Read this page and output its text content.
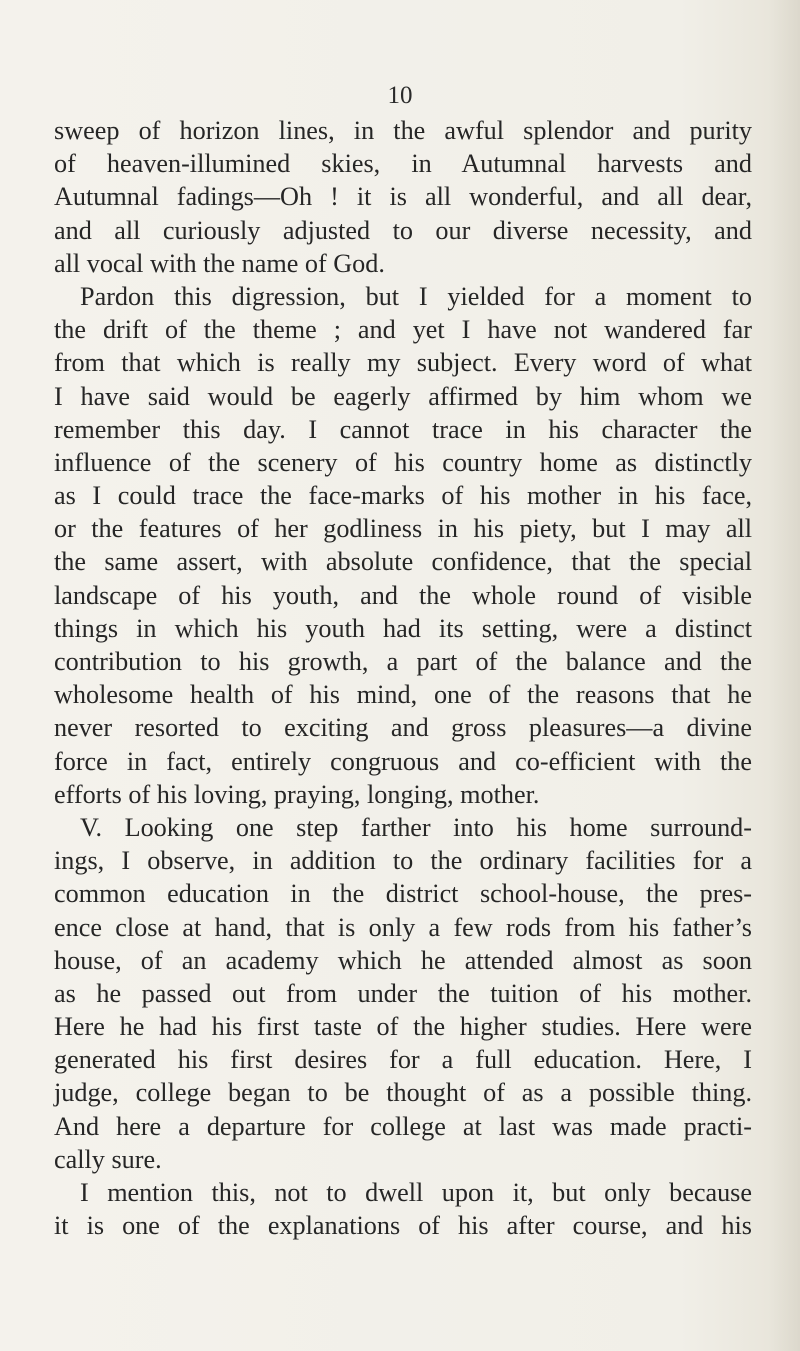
10
sweep of horizon lines, in the awful splendor and purity
of heaven-illumined skies, in Autumnal harvests and
Autumnal fadings—Oh ! it is all wonderful, and all dear,
and all curiously adjusted to our diverse necessity, and
all vocal with the name of God.
Pardon this digression, but I yielded for a moment to
the drift of the theme ; and yet I have not wandered far
from that which is really my subject. Every word of what
I have said would be eagerly affirmed by him whom we
remember this day. I cannot trace in his character the
influence of the scenery of his country home as distinctly
as I could trace the face-marks of his mother in his face,
or the features of her godliness in his piety, but I may all
the same assert, with absolute confidence, that the special
landscape of his youth, and the whole round of visible
things in which his youth had its setting, were a distinct
contribution to his growth, a part of the balance and the
wholesome health of his mind, one of the reasons that he
never resorted to exciting and gross pleasures—a divine
force in fact, entirely congruous and co-efficient with the
efforts of his loving, praying, longing, mother.
V. Looking one step farther into his home surround-
ings, I observe, in addition to the ordinary facilities for a
common education in the district school-house, the pres-
ence close at hand, that is only a few rods from his father’s
house, of an academy which he attended almost as soon
as he passed out from under the tuition of his mother.
Here he had his first taste of the higher studies. Here were
generated his first desires for a full education. Here, I
judge, college began to be thought of as a possible thing.
And here a departure for college at last was made practi-
cally sure.
I mention this, not to dwell upon it, but only because
it is one of the explanations of his after course, and his
